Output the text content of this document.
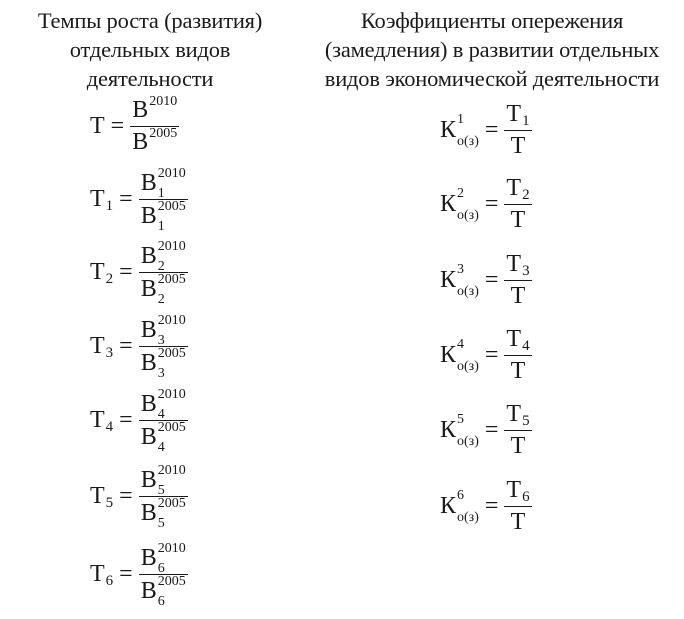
Темпы роста (развития)
отдельных видов
деятельности
Коэффициенты опережения
(замедления) в развитии отдельных
видов экономической деятельности
$Т = \frac{В 2010}{В 2005}$
Т 1 = В 2010
1
В 2005
1
Т 2 = В 2010
2
В 2005
2
Т 3 = В 2010
3
В 2005
3
Т 4 = В 2010
4
В 2005
4
Т 5 = В 2010
5
В 2005
5
Т 6 = В 2010
6
В 2005
6
К 1
$о(з) = \frac{Т 1}{Т}$
К 2
$о(з) = \frac{Т 2}{Т}$
К 3
$о(з) = \frac{Т 3}{Т}$
К 4
$о(з) = \frac{Т 4}{Т}$
К 5
$о(з) = \frac{Т 5}{Т}$
К 6
$о(з) = \frac{Т 6}{Т}$
